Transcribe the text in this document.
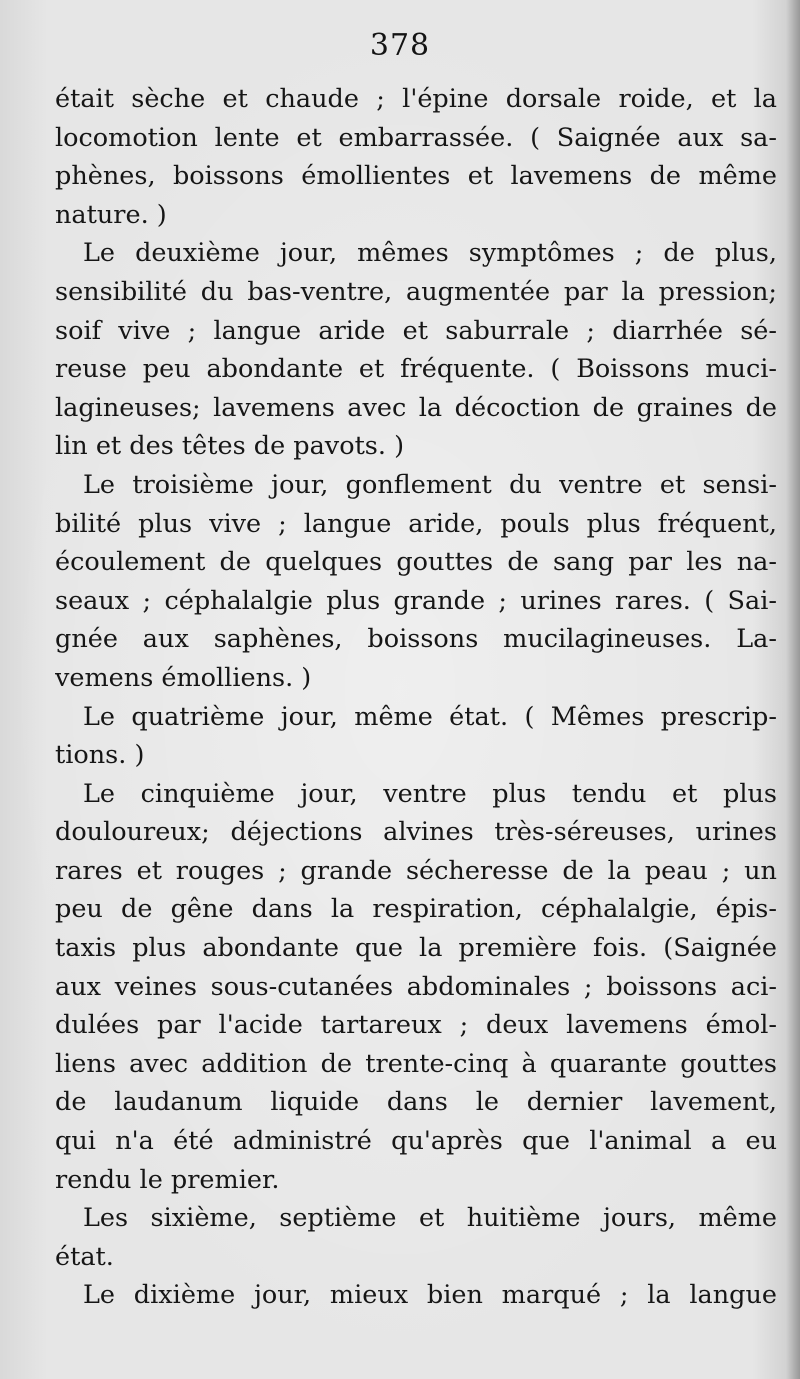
378
était sèche et chaude ; l'épine dorsale roide, et la
locomotion lente et embarrassée. ( Saignée aux sa-
phènes, boissons émollientes et lavemens de même
nature. )
Le deuxième jour, mêmes symptômes ; de plus,
sensibilité du bas-ventre, augmentée par la pression;
soif vive ; langue aride et saburrale ; diarrhée sé-
reuse peu abondante et fréquente. ( Boissons muci-
lagineuses; lavemens avec la décoction de graines de
lin et des têtes de pavots. )
Le troisième jour, gonflement du ventre et sensi-
bilité plus vive ; langue aride, pouls plus fréquent,
écoulement de quelques gouttes de sang par les na-
seaux ; céphalalgie plus grande ; urines rares. ( Sai-
gnée aux saphènes, boissons mucilagineuses. La-
vemens émolliens. )
Le quatrième jour, même état. ( Mêmes prescrip-
tions. )
Le cinquième jour, ventre plus tendu et plus
douloureux; déjections alvines très-séreuses, urines
rares et rouges ; grande sécheresse de la peau ; un
peu de gêne dans la respiration, céphalalgie, épis-
taxis plus abondante que la première fois. (Saignée
aux veines sous-cutanées abdominales ; boissons aci-
dulées par l'acide tartareux ; deux lavemens émol-
liens avec addition de trente-cinq à quarante gouttes
de laudanum liquide dans le dernier lavement,
qui n'a été administré qu'après que l'animal a eu
rendu le premier.
Les sixième, septième et huitième jours, même
état.
Le dixième jour, mieux bien marqué ; la langue
